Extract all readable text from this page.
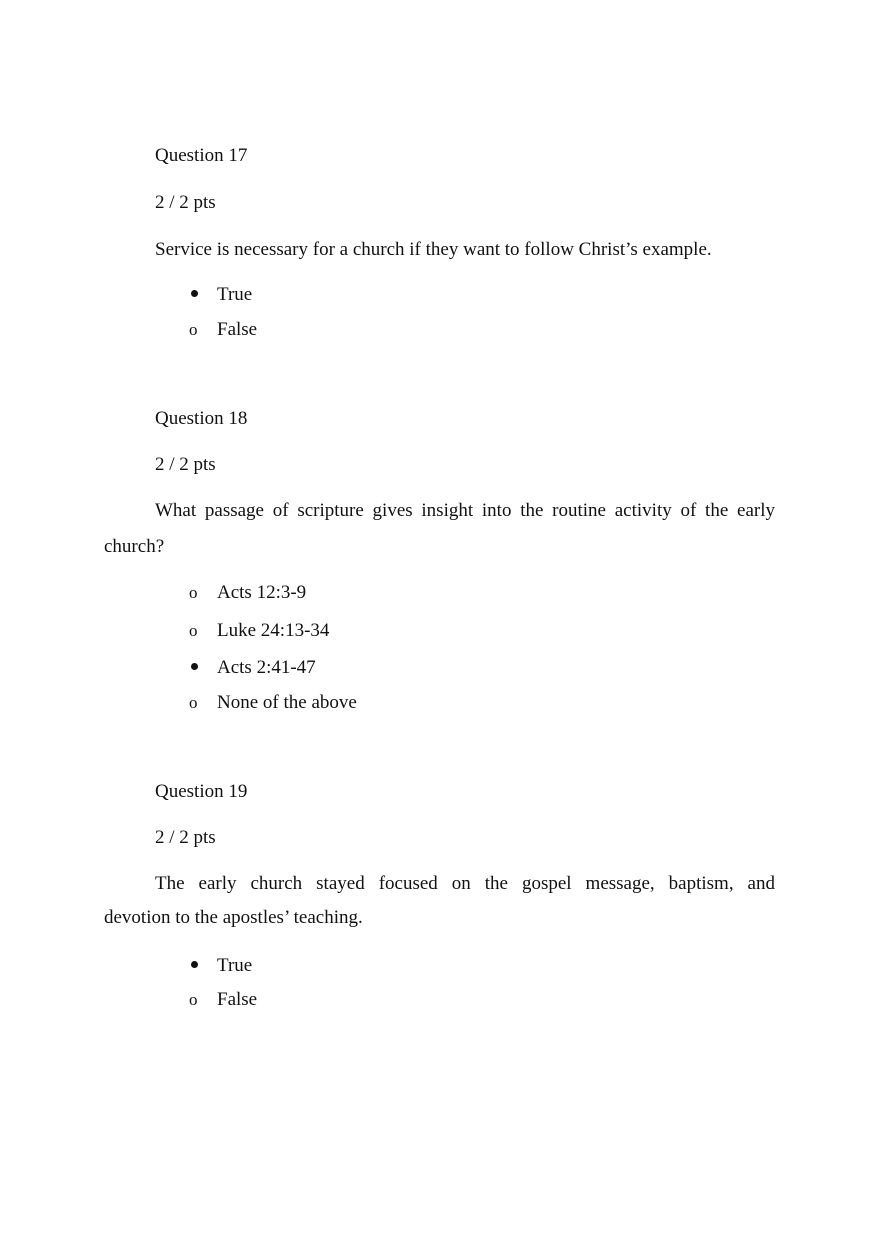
Question 17
2 / 2 pts
Service is necessary for a church if they want to follow Christ’s example.
True
o False
Question 18
2 / 2 pts
What passage of scripture gives insight into the routine activity of the early
church?
o Acts 12:3-9
o Luke 24:13-34
Acts 2:41-47
o None of the above
Question 19
2 / 2 pts
The early church stayed focused on the gospel message, baptism, and
devotion to the apostles’ teaching.
True
o False
